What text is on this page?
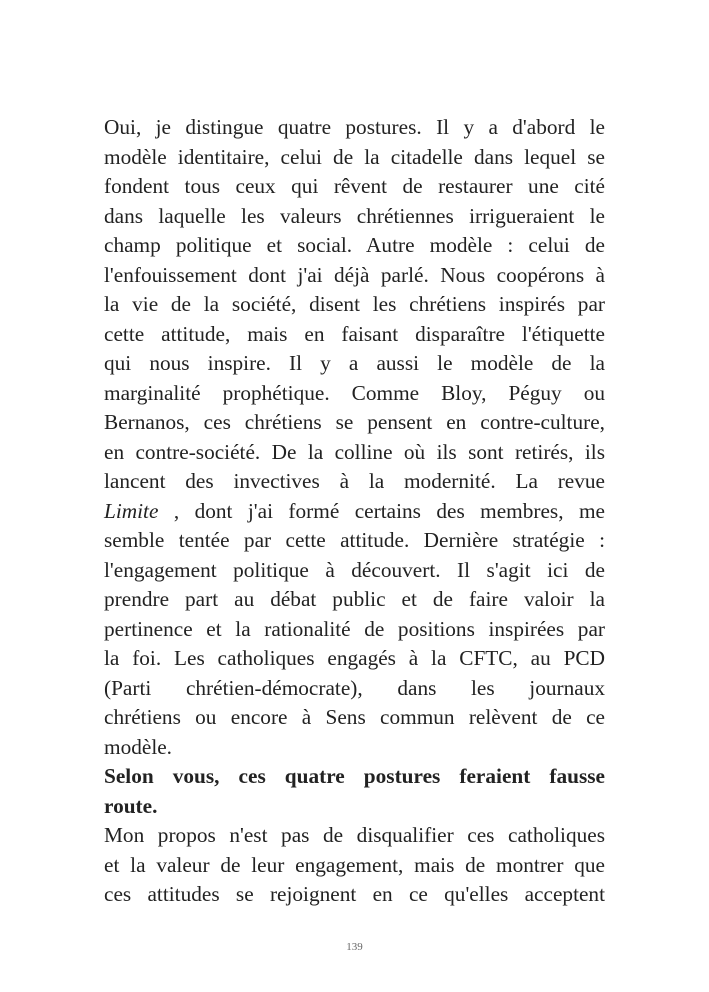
Oui, je distingue quatre postures. Il y a d'abord le
modèle identitaire, celui de la citadelle dans lequel se
fondent tous ceux qui rêvent de restaurer une cité
dans laquelle les valeurs chrétiennes irrigueraient le
champ politique et social. Autre modèle : celui de
l'enfouissement dont j'ai déjà parlé. Nous coopérons à
la vie de la société, disent les chrétiens inspirés par
cette attitude, mais en faisant disparaître l'étiquette
qui nous inspire. Il y a aussi le modèle de la
marginalité prophétique. Comme Bloy, Péguy ou
Bernanos, ces chrétiens se pensent en contre-culture,
en contre-société. De la colline où ils sont retirés, ils
lancent des invectives à la modernité. La revue
Limite , dont j'ai formé certains des membres, me
semble tentée par cette attitude. Dernière stratégie :
l'engagement politique à découvert. Il s'agit ici de
prendre part au débat public et de faire valoir la
pertinence et la rationalité de positions inspirées par
la foi. Les catholiques engagés à la CFTC, au PCD
(Parti chrétien-démocrate), dans les journaux
chrétiens ou encore à Sens commun relèvent de ce
modèle.
Selon vous, ces quatre postures feraient fausse
route.
Mon propos n'est pas de disqualifier ces catholiques
et la valeur de leur engagement, mais de montrer que
ces attitudes se rejoignent en ce qu'elles acceptent
139
